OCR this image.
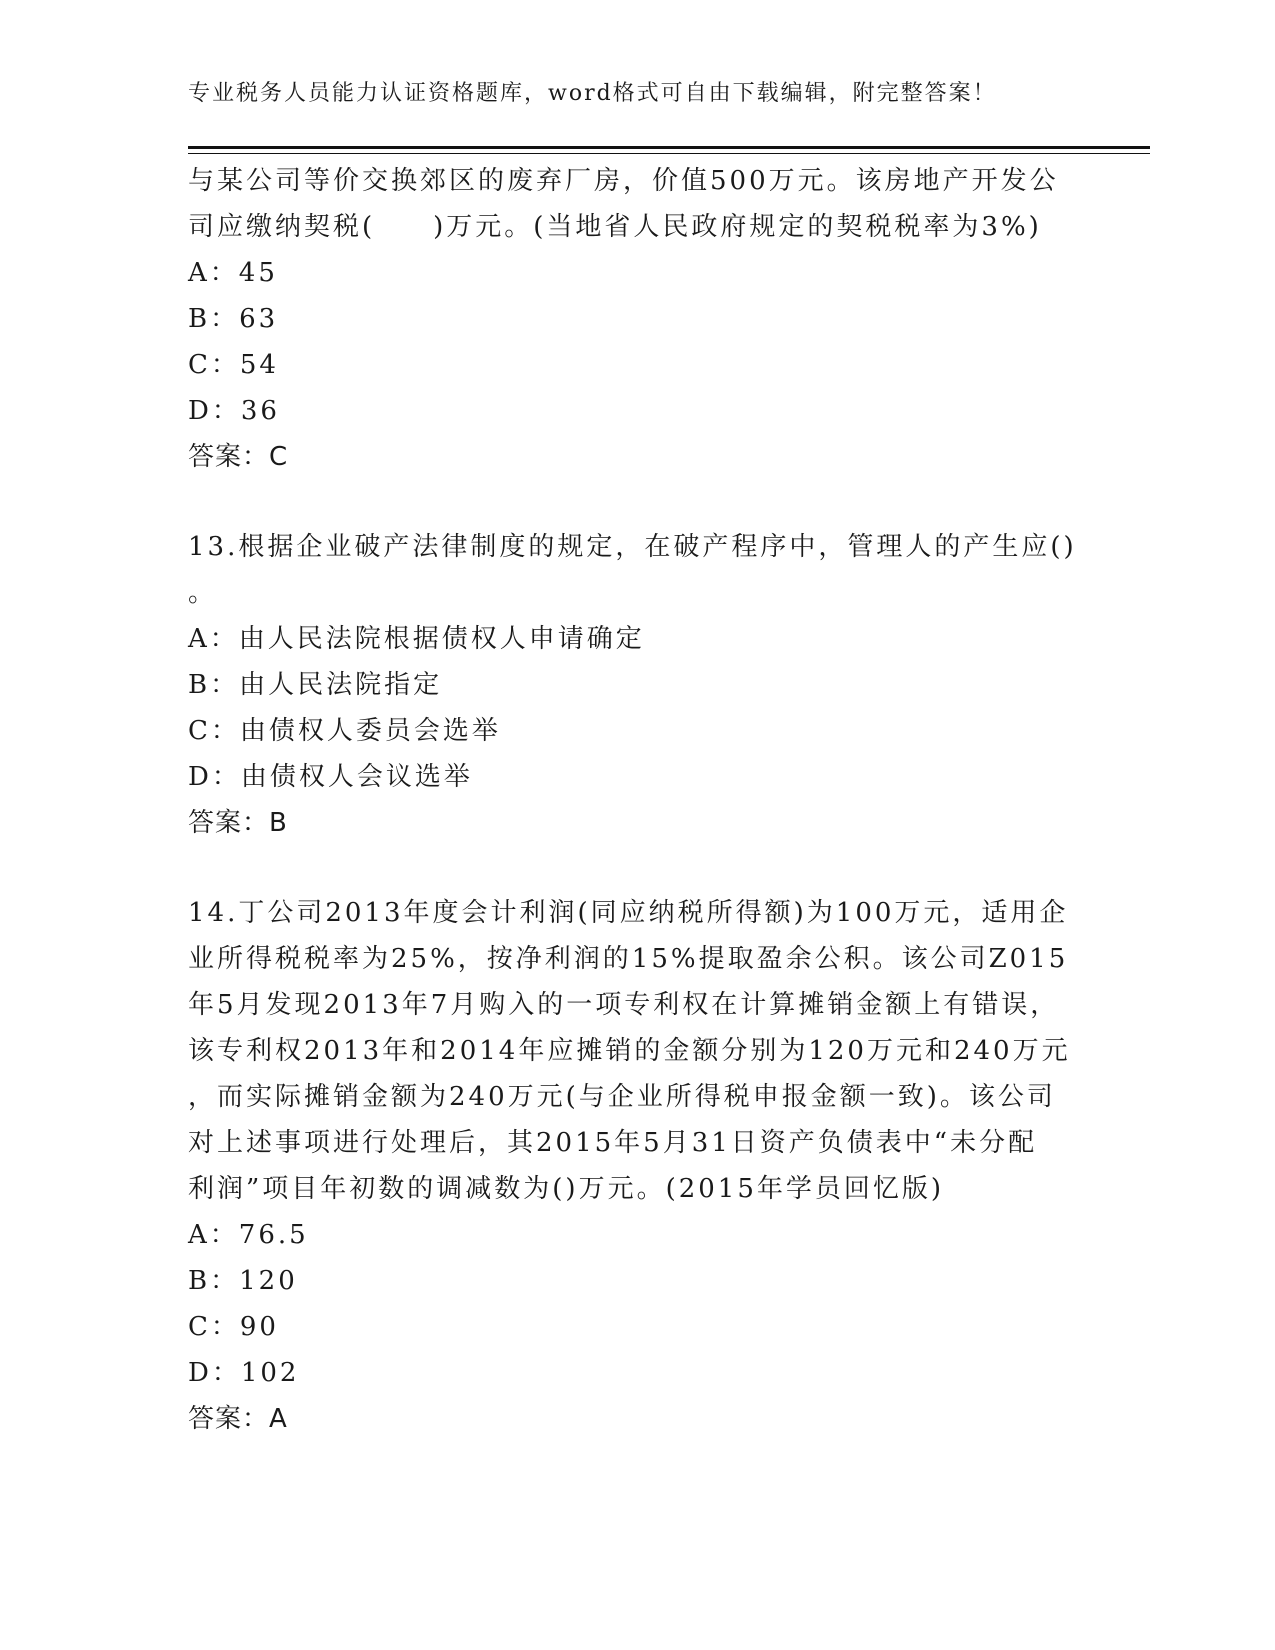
专业税务人员能力认证资格题库，word格式可自由下载编辑，附完整答案！

与某公司等价交换郊区的废弃厂房，价值500万元。该房地产开发公

司应缴纳契税(　　)万元。(当地省人民政府规定的契税税率为3%)

A：45

B：63

C：54

D：36

答案：C

13.根据企业破产法律制度的规定，在破产程序中，管理人的产生应()

。

A：由人民法院根据债权人申请确定

B：由人民法院指定

C：由债权人委员会选举

D：由债权人会议选举

答案：B

14.丁公司2013年度会计利润(同应纳税所得额)为100万元，适用企

业所得税税率为25%，按净利润的15%提取盈余公积。该公司Z015

年5月发现2013年7月购入的一项专利权在计算摊销金额上有错误，

该专利权2013年和2014年应摊销的金额分别为120万元和240万元

，而实际摊销金额为240万元(与企业所得税申报金额一致)。该公司

对上述事项进行处理后，其2015年5月31日资产负债表中“未分配

利润”项目年初数的调减数为()万元。(2015年学员回忆版)

A：76.5

B：120

C：90

D：102

答案：A
